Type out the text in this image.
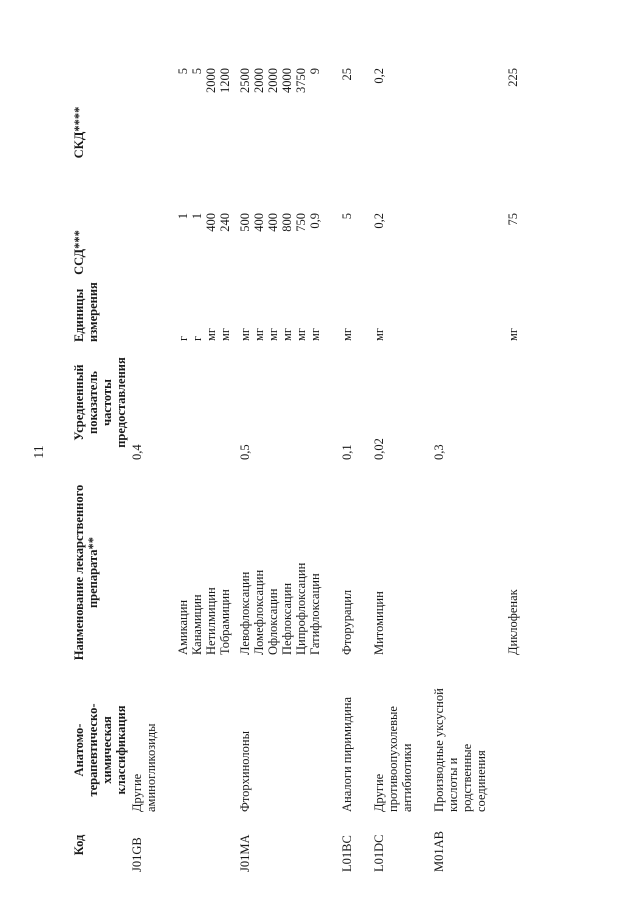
11
Код	Анатомо-терапевтическо-химическая классификация	Наименование лекарственного препарата**	Усредненный показатель частоты предоставления	Единицы измерения	ССД***	СКД****
J01GB	Другие аминогликозиды		0,4			

		Амикацин		г	1	5
		Канамицин		г	1	5
		Нетилмицин		мг	400	2000
		Тобрамицин		мг	240	1200

J01MA	Фторхинолоны	Левофлоксацин	0,5	мг	500	2500
		Ломефлоксацин		мг	400	2000
		Офлоксацин		мг	400	2000
		Пефлоксацин		мг	800	4000
		Ципрофлоксацин		мг	750	3750
		Гатифлоксацин		мг	0,9	9

L01BC	Аналоги пиримидина	Фторурацил	0,1	мг	5	25

L01DC	Другие противоопухолевые антибиотики	Митомицин	0,02	мг	0,2	0,2

M01AB	Производные уксусной кислоты и родственные соединения		0,3			

		Диклофенак		мг	75	225
